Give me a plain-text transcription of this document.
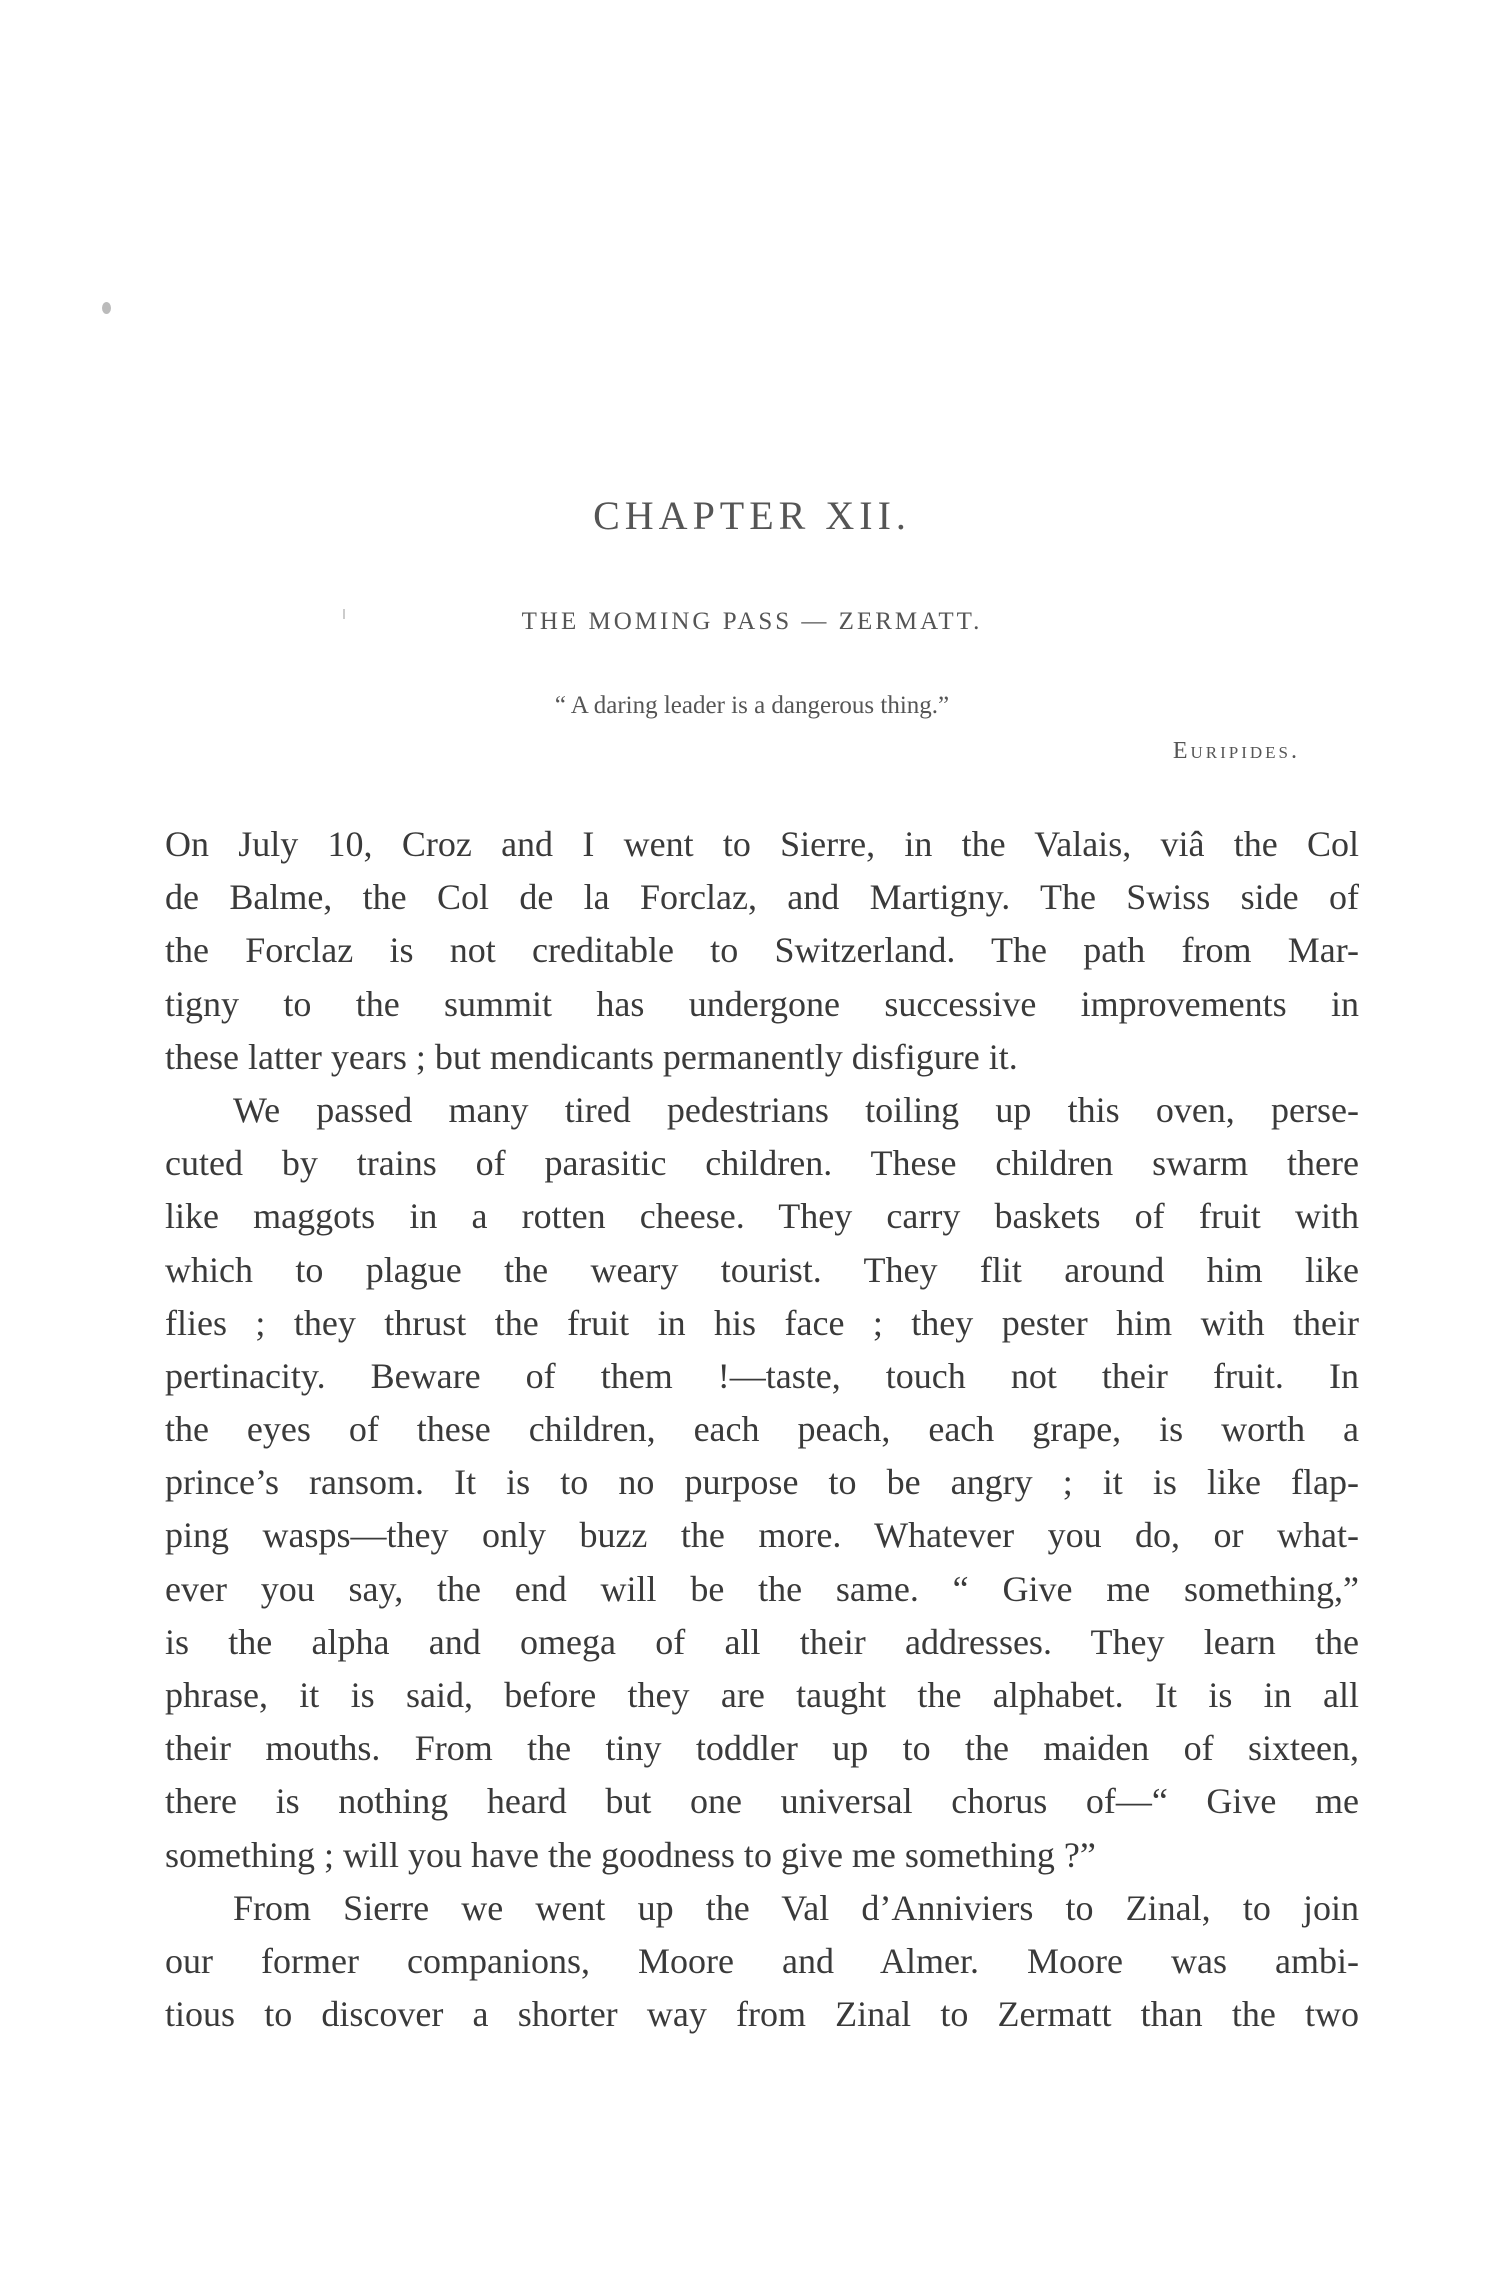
CHAPTER XII.
THE MOMING PASS — ZERMATT.
“ A daring leader is a dangerous thing.”
Euripides.
On July 10, Croz and I went to Sierre, in the Valais, viâ the Col
de Balme, the Col de la Forclaz, and Martigny. The Swiss side of
the Forclaz is not creditable to Switzerland. The path from Mar-
tigny to the summit has undergone successive improvements in
these latter years ; but mendicants permanently disfigure it.
We passed many tired pedestrians toiling up this oven, perse-
cuted by trains of parasitic children. These children swarm there
like maggots in a rotten cheese. They carry baskets of fruit with
which to plague the weary tourist. They flit around him like
flies ; they thrust the fruit in his face ; they pester him with their
pertinacity. Beware of them !—taste, touch not their fruit. In
the eyes of these children, each peach, each grape, is worth a
prince’s ransom. It is to no purpose to be angry ; it is like flap-
ping wasps—they only buzz the more. Whatever you do, or what-
ever you say, the end will be the same. “ Give me something,”
is the alpha and omega of all their addresses. They learn the
phrase, it is said, before they are taught the alphabet. It is in all
their mouths. From the tiny toddler up to the maiden of sixteen,
there is nothing heard but one universal chorus of—“ Give me
something ; will you have the goodness to give me something ?”
From Sierre we went up the Val d’Anniviers to Zinal, to join
our former companions, Moore and Almer. Moore was ambi-
tious to discover a shorter way from Zinal to Zermatt than the two
